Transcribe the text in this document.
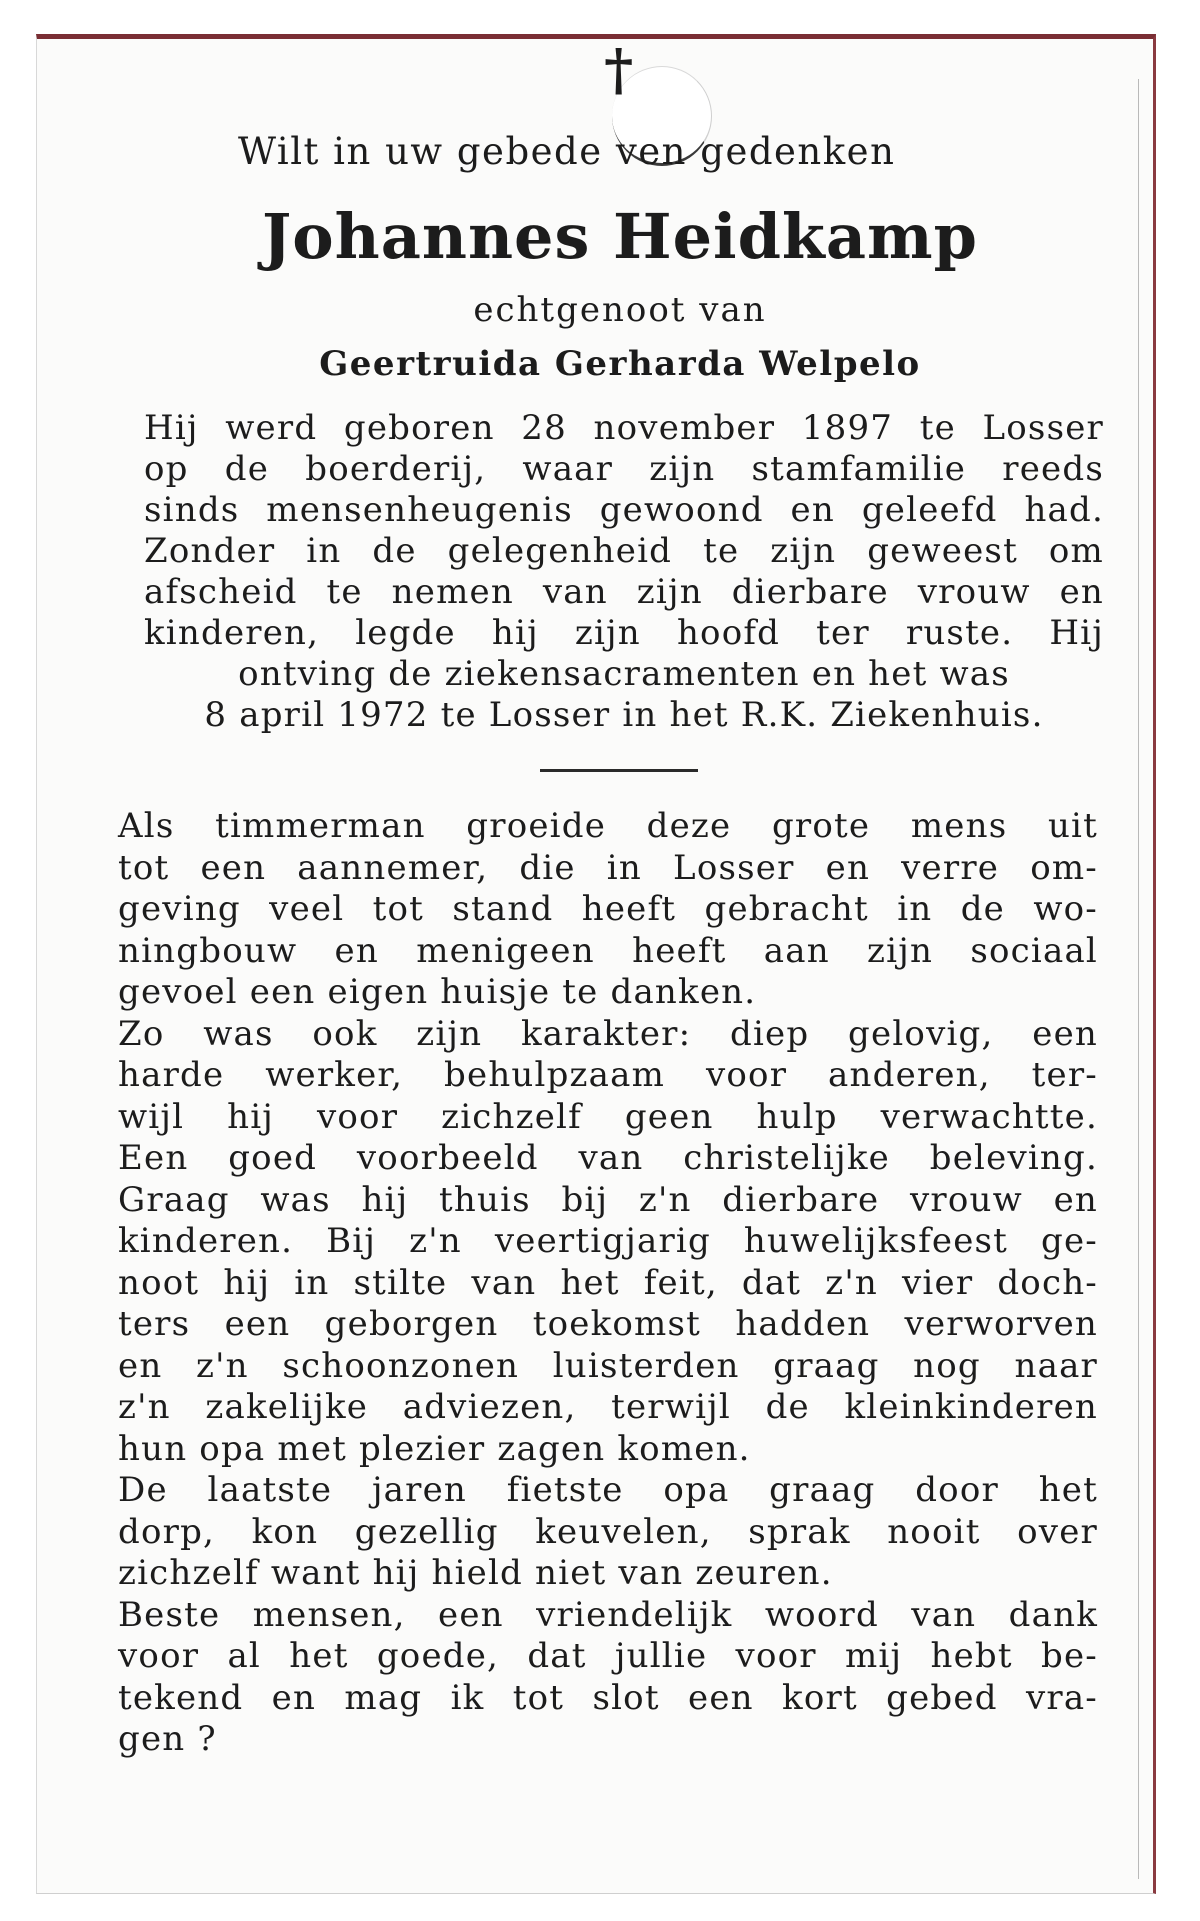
†
Wilt in uw gebede ven gedenken
Johannes Heidkamp
echtgenoot van
Geertruida Gerharda Welpelo
Hij werd geboren 28 november 1897 te Losser
op de boerderij, waar zijn stamfamilie reeds
sinds mensenheugenis gewoond en geleefd had.
Zonder in de gelegenheid te zijn geweest om
afscheid te nemen van zijn dierbare vrouw en
kinderen, legde hij zijn hoofd ter ruste. Hij
ontving de ziekensacramenten en het was
8 april 1972 te Losser in het R.K. Ziekenhuis.
Als timmerman groeide deze grote mens uit
tot een aannemer, die in Losser en verre om-
geving veel tot stand heeft gebracht in de wo-
ningbouw en menigeen heeft aan zijn sociaal
gevoel een eigen huisje te danken.
Zo was ook zijn karakter: diep gelovig, een
harde werker, behulpzaam voor anderen, ter-
wijl hij voor zichzelf geen hulp verwachtte.
Een goed voorbeeld van christelijke beleving.
Graag was hij thuis bij z'n dierbare vrouw en
kinderen. Bij z'n veertigjarig huwelijksfeest ge-
noot hij in stilte van het feit, dat z'n vier doch-
ters een geborgen toekomst hadden verworven
en z'n schoonzonen luisterden graag nog naar
z'n zakelijke adviezen, terwijl de kleinkinderen
hun opa met plezier zagen komen.
De laatste jaren fietste opa graag door het
dorp, kon gezellig keuvelen, sprak nooit over
zichzelf want hij hield niet van zeuren.
Beste mensen, een vriendelijk woord van dank
voor al het goede, dat jullie voor mij hebt be-
tekend en mag ik tot slot een kort gebed vra-
gen ?
